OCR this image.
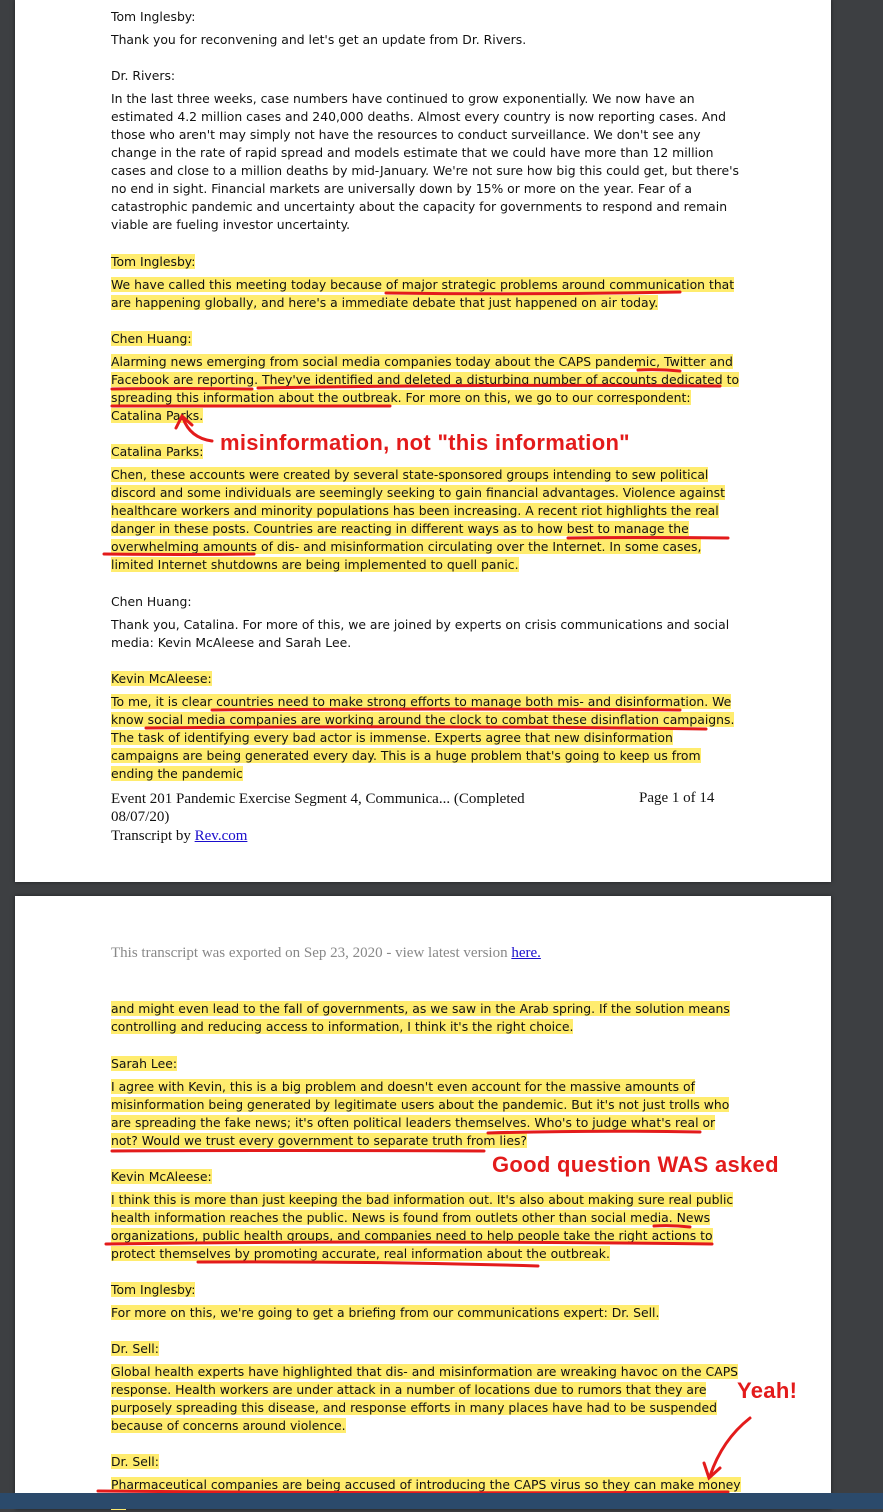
Tom Inglesby:
Thank you for reconvening and let's get an update from Dr. Rivers.
Dr. Rivers:
In the last three weeks, case numbers have continued to grow exponentially. We now have an estimated 4.2 million cases and 240,000 deaths. Almost every country is now reporting cases. And those who aren't may simply not have the resources to conduct surveillance. We don't see any change in the rate of rapid spread and models estimate that we could have more than 12 million cases and close to a million deaths by mid-January. We're not sure how big this could get, but there's no end in sight. Financial markets are universally down by 15% or more on the year. Fear of a catastrophic pandemic and uncertainty about the capacity for governments to respond and remain viable are fueling investor uncertainty.
Tom Inglesby:
We have called this meeting today because of major strategic problems around communication that are happening globally, and here's a immediate debate that just happened on air today.
Chen Huang:
Alarming news emerging from social media companies today about the CAPS pandemic, Twitter and Facebook are reporting. They've identified and deleted a disturbing number of accounts dedicated to spreading this information about the outbreak. For more on this, we go to our correspondent: Catalina Parks.
Catalina Parks:
Chen, these accounts were created by several state-sponsored groups intending to sew political discord and some individuals are seemingly seeking to gain financial advantages. Violence against healthcare workers and minority populations has been increasing. A recent riot highlights the real danger in these posts. Countries are reacting in different ways as to how best to manage the overwhelming amounts of dis- and misinformation circulating over the Internet. In some cases, limited Internet shutdowns are being implemented to quell panic.
Chen Huang:
Thank you, Catalina. For more of this, we are joined by experts on crisis communications and social media: Kevin McAleese and Sarah Lee.
Kevin McAleese:
To me, it is clear countries need to make strong efforts to manage both mis- and disinformation. We know social media companies are working around the clock to combat these disinflation campaigns. The task of identifying every bad actor is immense. Experts agree that new disinformation campaigns are being generated every day. This is a huge problem that's going to keep us from ending the pandemic
Event 201 Pandemic Exercise Segment 4, Communica... (Completed 08/07/20)
Page 1 of 14
Transcript by Rev.com
This transcript was exported on Sep 23, 2020 - view latest version here.
and might even lead to the fall of governments, as we saw in the Arab spring. If the solution means controlling and reducing access to information, I think it's the right choice.
Sarah Lee:
I agree with Kevin, this is a big problem and doesn't even account for the massive amounts of misinformation being generated by legitimate users about the pandemic. But it's not just trolls who are spreading the fake news; it's often political leaders themselves. Who's to judge what's real or not? Would we trust every government to separate truth from lies?
Kevin McAleese:
I think this is more than just keeping the bad information out. It's also about making sure real public health information reaches the public. News is found from outlets other than social media. News organizations, public health groups, and companies need to help people take the right actions to protect themselves by promoting accurate, real information about the outbreak.
Tom Inglesby:
For more on this, we're going to get a briefing from our communications expert: Dr. Sell.
Dr. Sell:
Global health experts have highlighted that dis- and misinformation are wreaking havoc on the CAPS response. Health workers are under attack in a number of locations due to rumors that they are purposely spreading this disease, and response efforts in many places have had to be suspended because of concerns around violence.
Dr. Sell:
Pharmaceutical companies are being accused of introducing the CAPS virus so they can make money
misinformation, not "this information"
Good question WAS asked
Yeah!
